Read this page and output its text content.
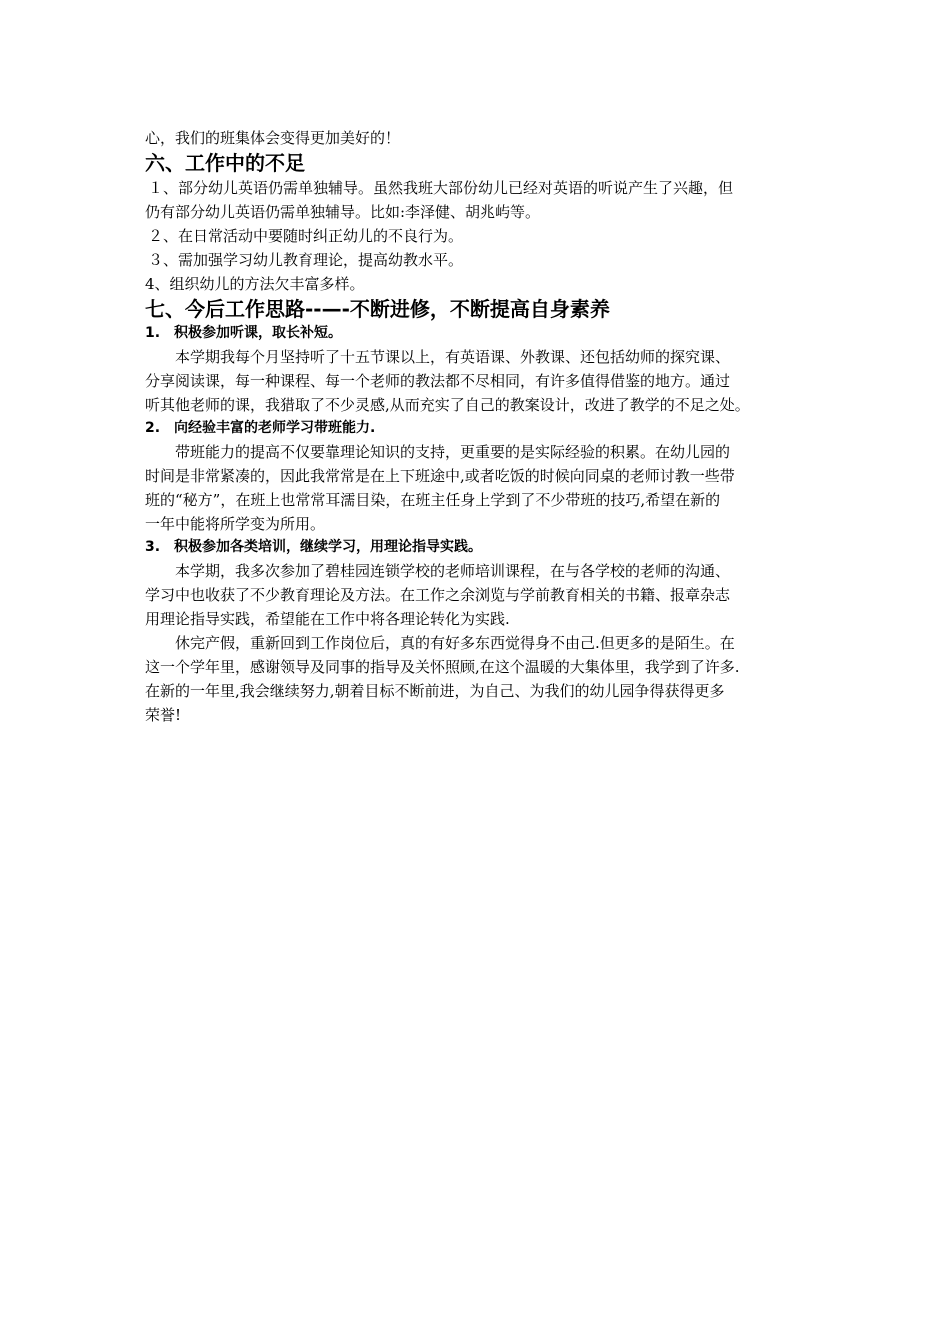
心，我们的班集体会变得更加美好的！
六、工作中的不足
１、部分幼儿英语仍需单独辅导。虽然我班大部份幼儿已经对英语的听说产生了兴趣，但
仍有部分幼儿英语仍需单独辅导。比如:李泽健、胡兆屿等。
２、在日常活动中要随时纠正幼儿的不良行为。
３、需加强学习幼儿教育理论，提高幼教水平。
4、组织幼儿的方法欠丰富多样。
七、今后工作思路--—-不断进修，不断提高自身素养
1.　积极参加听课，取长补短。
本学期我每个月坚持听了十五节课以上，有英语课、外教课、还包括幼师的探究课、
分享阅读课，每一种课程、每一个老师的教法都不尽相同，有许多值得借鉴的地方。通过
听其他老师的课，我猎取了不少灵感,从而充实了自己的教案设计，改进了教学的不足之处。
2.　向经验丰富的老师学习带班能力.
带班能力的提高不仅要靠理论知识的支持，更重要的是实际经验的积累。在幼儿园的
时间是非常紧凑的，因此我常常是在上下班途中,或者吃饭的时候向同桌的老师讨教一些带
班的“秘方”，在班上也常常耳濡目染，在班主任身上学到了不少带班的技巧,希望在新的
一年中能将所学变为所用。
3.　积极参加各类培训，继续学习，用理论指导实践。
本学期，我多次参加了碧桂园连锁学校的老师培训课程，在与各学校的老师的沟通、
学习中也收获了不少教育理论及方法。在工作之余浏览与学前教育相关的书籍、报章杂志
用理论指导实践，希望能在工作中将各理论转化为实践.
休完产假，重新回到工作岗位后，真的有好多东西觉得身不由己.但更多的是陌生。在
这一个学年里，感谢领导及同事的指导及关怀照顾,在这个温暖的大集体里，我学到了许多.
在新的一年里,我会继续努力,朝着目标不断前进，为自己、为我们的幼儿园争得获得更多
荣誉!
